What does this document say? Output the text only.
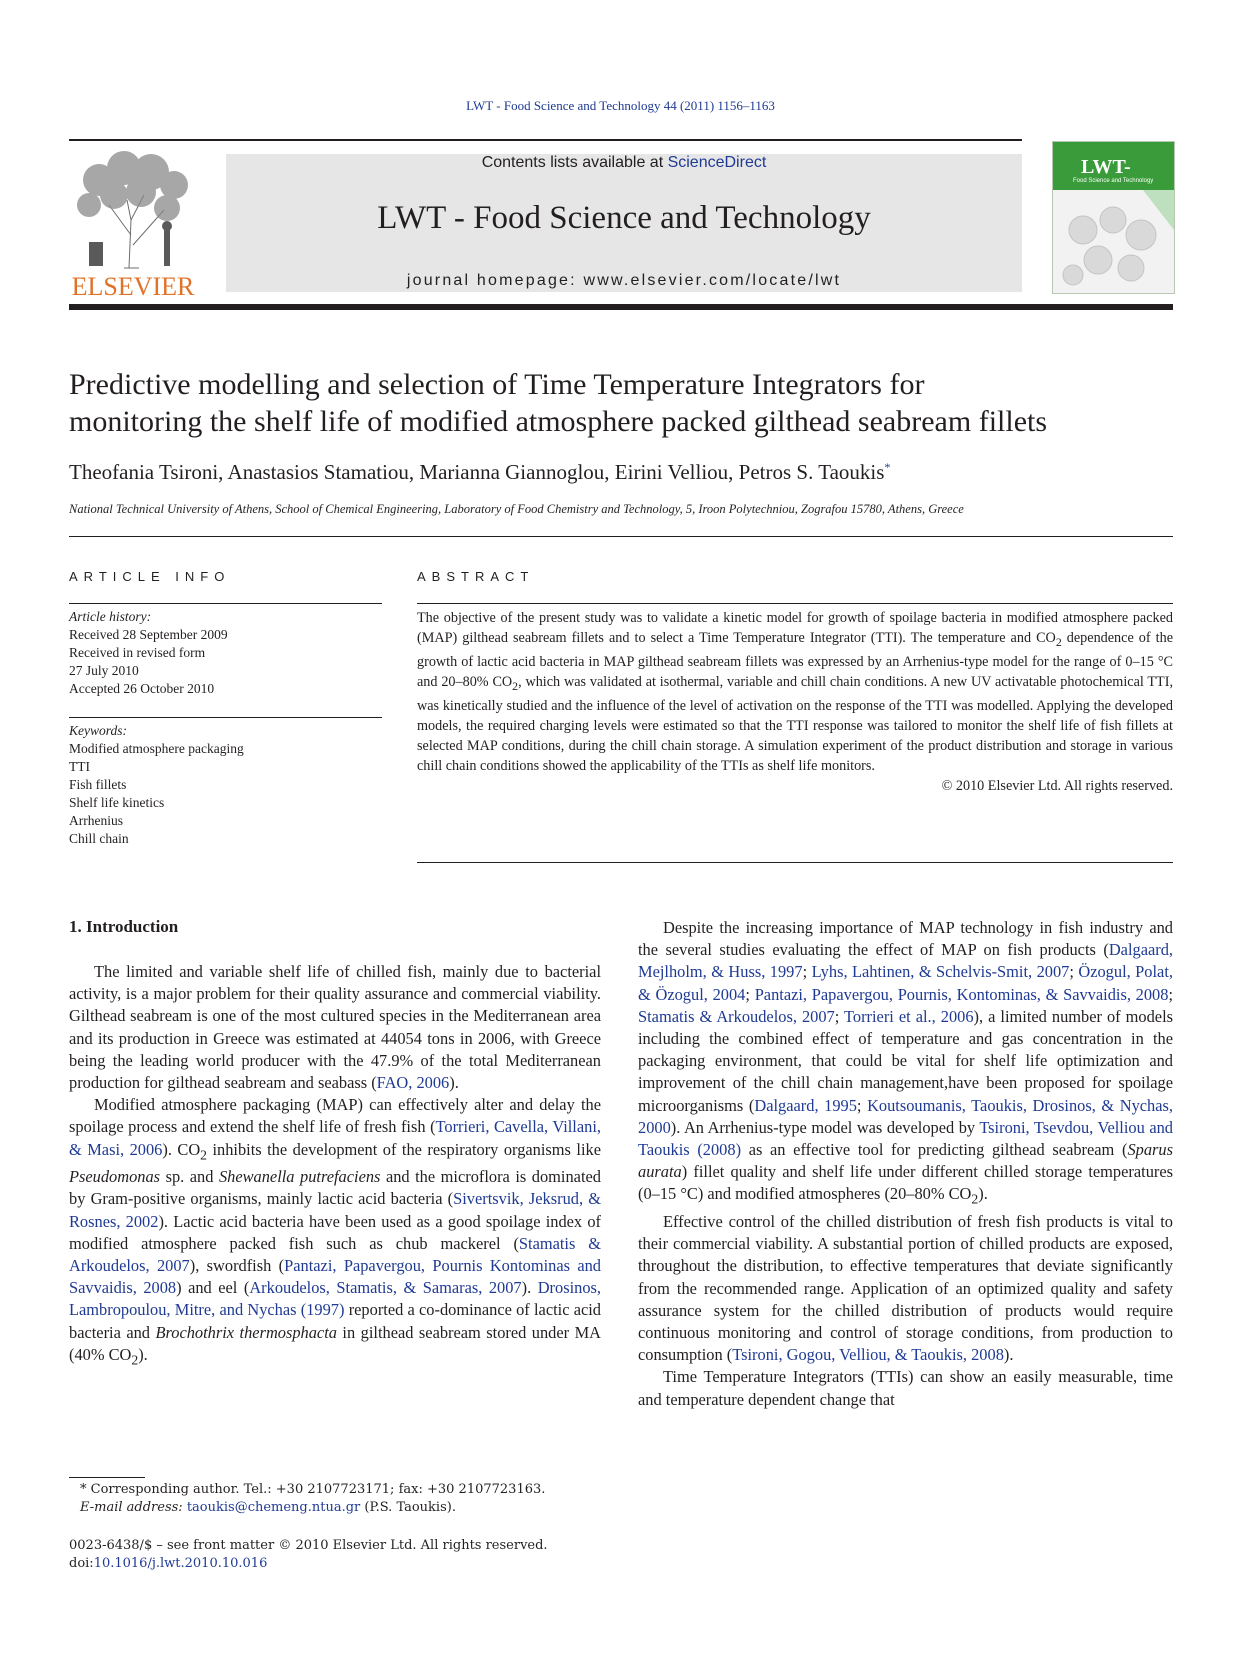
LWT - Food Science and Technology 44 (2011) 1156–1163
ELSEVIER
Contents lists available at ScienceDirect
LWT - Food Science and Technology
journal homepage: www.elsevier.com/locate/lwt
LWT-
Food Science and Technology
Predictive modelling and selection of Time Temperature Integrators for
monitoring the shelf life of modified atmosphere packed gilthead seabream fillets
Theofania Tsironi, Anastasios Stamatiou, Marianna Giannoglou, Eirini Velliou, Petros S. Taoukis*
National Technical University of Athens, School of Chemical Engineering, Laboratory of Food Chemistry and Technology, 5, Iroon Polytechniou, Zografou 15780, Athens, Greece
ARTICLE INFO	ABSTRACT
Article history:
Received 28 September 2009
Received in revised form
27 July 2010
Accepted 26 October 2010
Keywords:
Modified atmosphere packaging
TTI
Fish fillets
Shelf life kinetics
Arrhenius
Chill chain
The objective of the present study was to validate a kinetic model for growth of spoilage bacteria in modified atmosphere packed (MAP) gilthead seabream fillets and to select a Time Temperature Integrator (TTI). The temperature and $CO_2$ dependence of the growth of lactic acid bacteria in MAP gilthead seabream fillets was expressed by an Arrhenius-type model for the range of 0–15 °C and 20–80% $CO_2$, which was validated at isothermal, variable and chill chain conditions. A new UV activatable photochemical TTI, was kinetically studied and the influence of the level of activation on the response of the TTI was modelled. Applying the developed models, the required charging levels were estimated so that the TTI response was tailored to monitor the shelf life of fish fillets at selected MAP conditions, during the chill chain storage. A simulation experiment of the product distribution and storage in various chill chain conditions showed the applicability of the TTIs as shelf life monitors.
© 2010 Elsevier Ltd. All rights reserved.
1. Introduction

The limited and variable shelf life of chilled fish, mainly due to bacterial activity, is a major problem for their quality assurance and commercial viability. Gilthead seabream is one of the most cultured species in the Mediterranean area and its production in Greece was estimated at 44054 tons in 2006, with Greece being the leading world producer with the 47.9% of the total Mediterranean production for gilthead seabream and seabass (FAO, 2006).

Modified atmosphere packaging (MAP) can effectively alter and delay the spoilage process and extend the shelf life of fresh fish (Torrieri, Cavella, Villani, & Masi, 2006). $CO_2$ inhibits the development of the respiratory organisms like Pseudomonas sp. and Shewanella putrefaciens and the microflora is dominated by Gram-positive organisms, mainly lactic acid bacteria (Sivertsvik, Jeksrud, & Rosnes, 2002). Lactic acid bacteria have been used as a good spoilage index of modified atmosphere packed fish such as chub mackerel (Stamatis & Arkoudelos, 2007), swordfish (Pantazi, Papavergou, Pournis Kontominas and Savvaidis, 2008) and eel (Arkoudelos, Stamatis, & Samaras, 2007). Drosinos, Lambropoulou, Mitre, and Nychas (1997) reported a co-dominance of lactic acid bacteria and Brochothrix thermosphacta in gilthead seabream stored under MA (40% $CO_2$).

Despite the increasing importance of MAP technology in fish industry and the several studies evaluating the effect of MAP on fish products (Dalgaard, Mejlholm, & Huss, 1997; Lyhs, Lahtinen, & Schelvis-Smit, 2007; Özogul, Polat, & Özogul, 2004; Pantazi, Papavergou, Pournis, Kontominas, & Savvaidis, 2008; Stamatis & Arkoudelos, 2007; Torrieri et al., 2006), a limited number of models including the combined effect of temperature and gas concentration in the packaging environment, that could be vital for shelf life optimization and improvement of the chill chain management,have been proposed for spoilage microorganisms (Dalgaard, 1995; Koutsoumanis, Taoukis, Drosinos, & Nychas, 2000). An Arrhenius-type model was developed by Tsironi, Tsevdou, Velliou and Taoukis (2008) as an effective tool for predicting gilthead seabream (Sparus aurata) fillet quality and shelf life under different chilled storage temperatures (0–15 °C) and modified atmospheres (20–80% $CO_2$).

Effective control of the chilled distribution of fresh fish products is vital to their commercial viability. A substantial portion of chilled products are exposed, throughout the distribution, to effective temperatures that deviate significantly from the recommended range. Application of an optimized quality and safety assurance system for the chilled distribution of products would require continuous monitoring and control of storage conditions, from production to consumption (Tsironi, Gogou, Velliou, & Taoukis, 2008).

Time Temperature Integrators (TTIs) can show an easily measurable, time and temperature dependent change that

* Corresponding author. Tel.: +30 2107723171; fax: +30 2107723163.
E-mail address: taoukis@chemeng.ntua.gr (P.S. Taoukis).
0023-6438/$ – see front matter © 2010 Elsevier Ltd. All rights reserved.
doi:10.1016/j.lwt.2010.10.016
